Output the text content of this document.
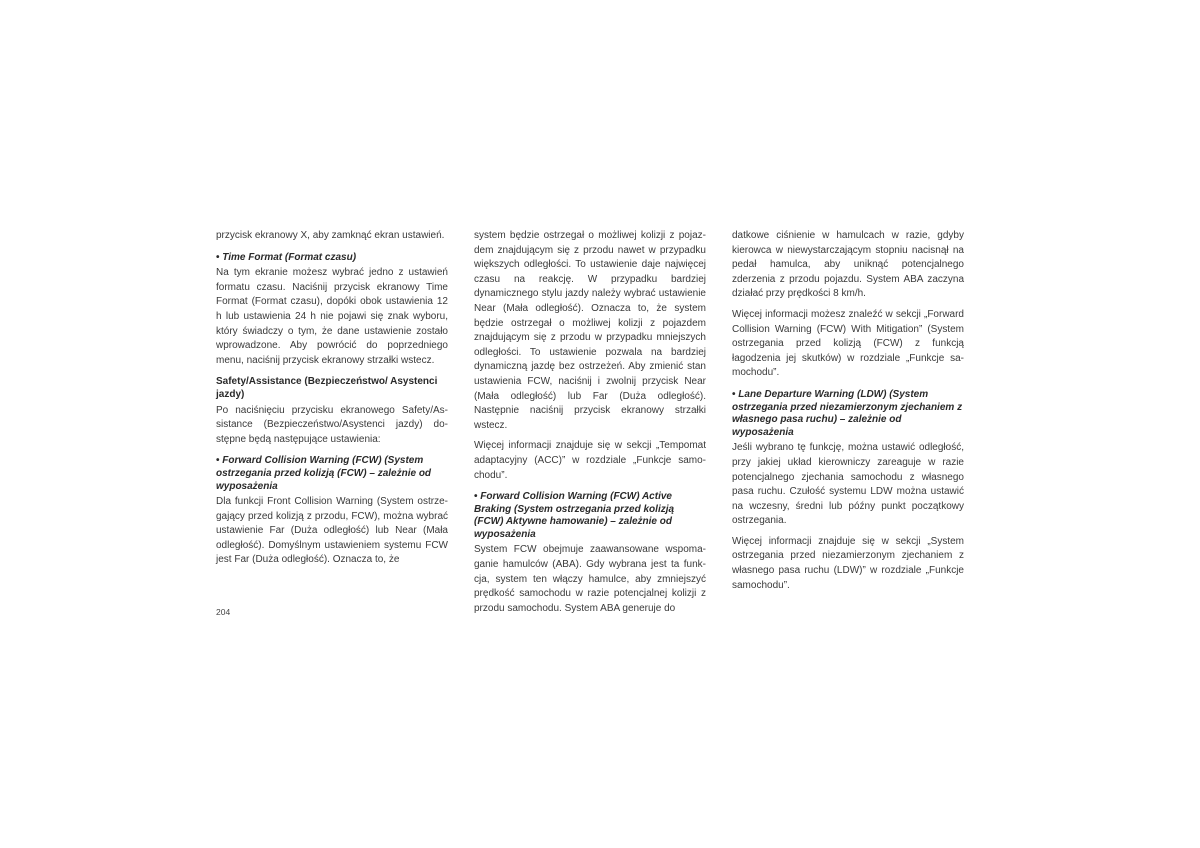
przycisk ekranowy X, aby zamknąć ekran ustawień.

• Time Format (Format czasu)

Na tym ekranie możesz wybrać jedno z ustawień formatu czasu. Naciśnij przycisk ekranowy Time Format (Format czasu), dopóki obok ustawienia 12 h lub ustawienia 24 h nie pojawi się znak wyboru, który świadczy o tym, że dane ustawienie zostało wprowadzone. Aby powrócić do poprzedniego menu, naciśnij przycisk ekranowy strzałki wstecz.

Safety/Assistance (Bezpieczeństwo/ Asystenci jazdy)

Po naciśnięciu przycisku ekranowego Safety/Assistance (Bezpieczeństwo/Asystenci jazdy) dostępne będą następujące ustawienia:

• Forward Collision Warning (FCW) (System ostrzegania przed kolizją (FCW) – zależnie od wyposażenia

Dla funkcji Front Collision Warning (System ostrzegający przed kolizją z przodu, FCW), można wybrać ustawienie Far (Duża odległość) lub Near (Mała odległość). Domyślnym ustawieniem systemu FCW jest Far (Duża odległość). Oznacza to, że

system będzie ostrzegał o możliwej kolizji z pojazdem znajdującym się z przodu nawet w przypadku większych odległości. To ustawienie daje najwięcej czasu na reakcję. W przypadku bardziej dynamicznego stylu jazdy należy wybrać ustawienie Near (Mała odległość). Oznacza to, że system będzie ostrzegał o możliwej kolizji z pojazdem znajdującym się z przodu w przypadku mniejszych odległości. To ustawienie pozwala na bardziej dynamiczną jazdę bez ostrzeżeń. Aby zmienić stan ustawienia FCW, naciśnij i zwolnij przycisk Near (Mała odległość) lub Far (Duża odległość). Następnie naciśnij przycisk ekranowy strzałki wstecz.

Więcej informacji znajduje się w sekcji „Tempomat adaptacyjny (ACC)” w rozdziale „Funkcje samochodu”.

• Forward Collision Warning (FCW) Active Braking (System ostrzegania przed kolizją (FCW) Aktywne hamowanie) – zależnie od wyposażenia

System FCW obejmuje zaawansowane wspomaganie hamulców (ABA). Gdy wybrana jest ta funkcja, system ten włączy hamulce, aby zmniejszyć prędkość samochodu w razie potencjalnej kolizji z przodu samochodu. System ABA generuje do

datkowe ciśnienie w hamulcach w razie, gdyby kierowca w niewystarczającym stopniu nacisnął na pedał hamulca, aby uniknąć potencjalnego zderzenia z przodu pojazdu. System ABA zaczyna działać przy prędkości 8 km/h.

Więcej informacji możesz znaleźć w sekcji „Forward Collision Warning (FCW) With Mitigation” (System ostrzegania przed kolizją (FCW) z funkcją łagodzenia jej skutków) w rozdziale „Funkcje samochodu”.

• Lane Departure Warning (LDW) (System ostrzegania przed niezamierzonym zjechaniem z własnego pasa ruchu) – zależnie od wyposażenia

Jeśli wybrano tę funkcję, można ustawić odległość, przy jakiej układ kierowniczy zareaguje w razie potencjalnego zjechania samochodu z własnego pasa ruchu. Czułość systemu LDW można ustawić na wczesny, średni lub późny punkt początkowy ostrzegania.

Więcej informacji znajduje się w sekcji „System ostrzegania przed niezamierzonym zjechaniem z własnego pasa ruchu (LDW)” w rozdziale „Funkcje samochodu”.

204
